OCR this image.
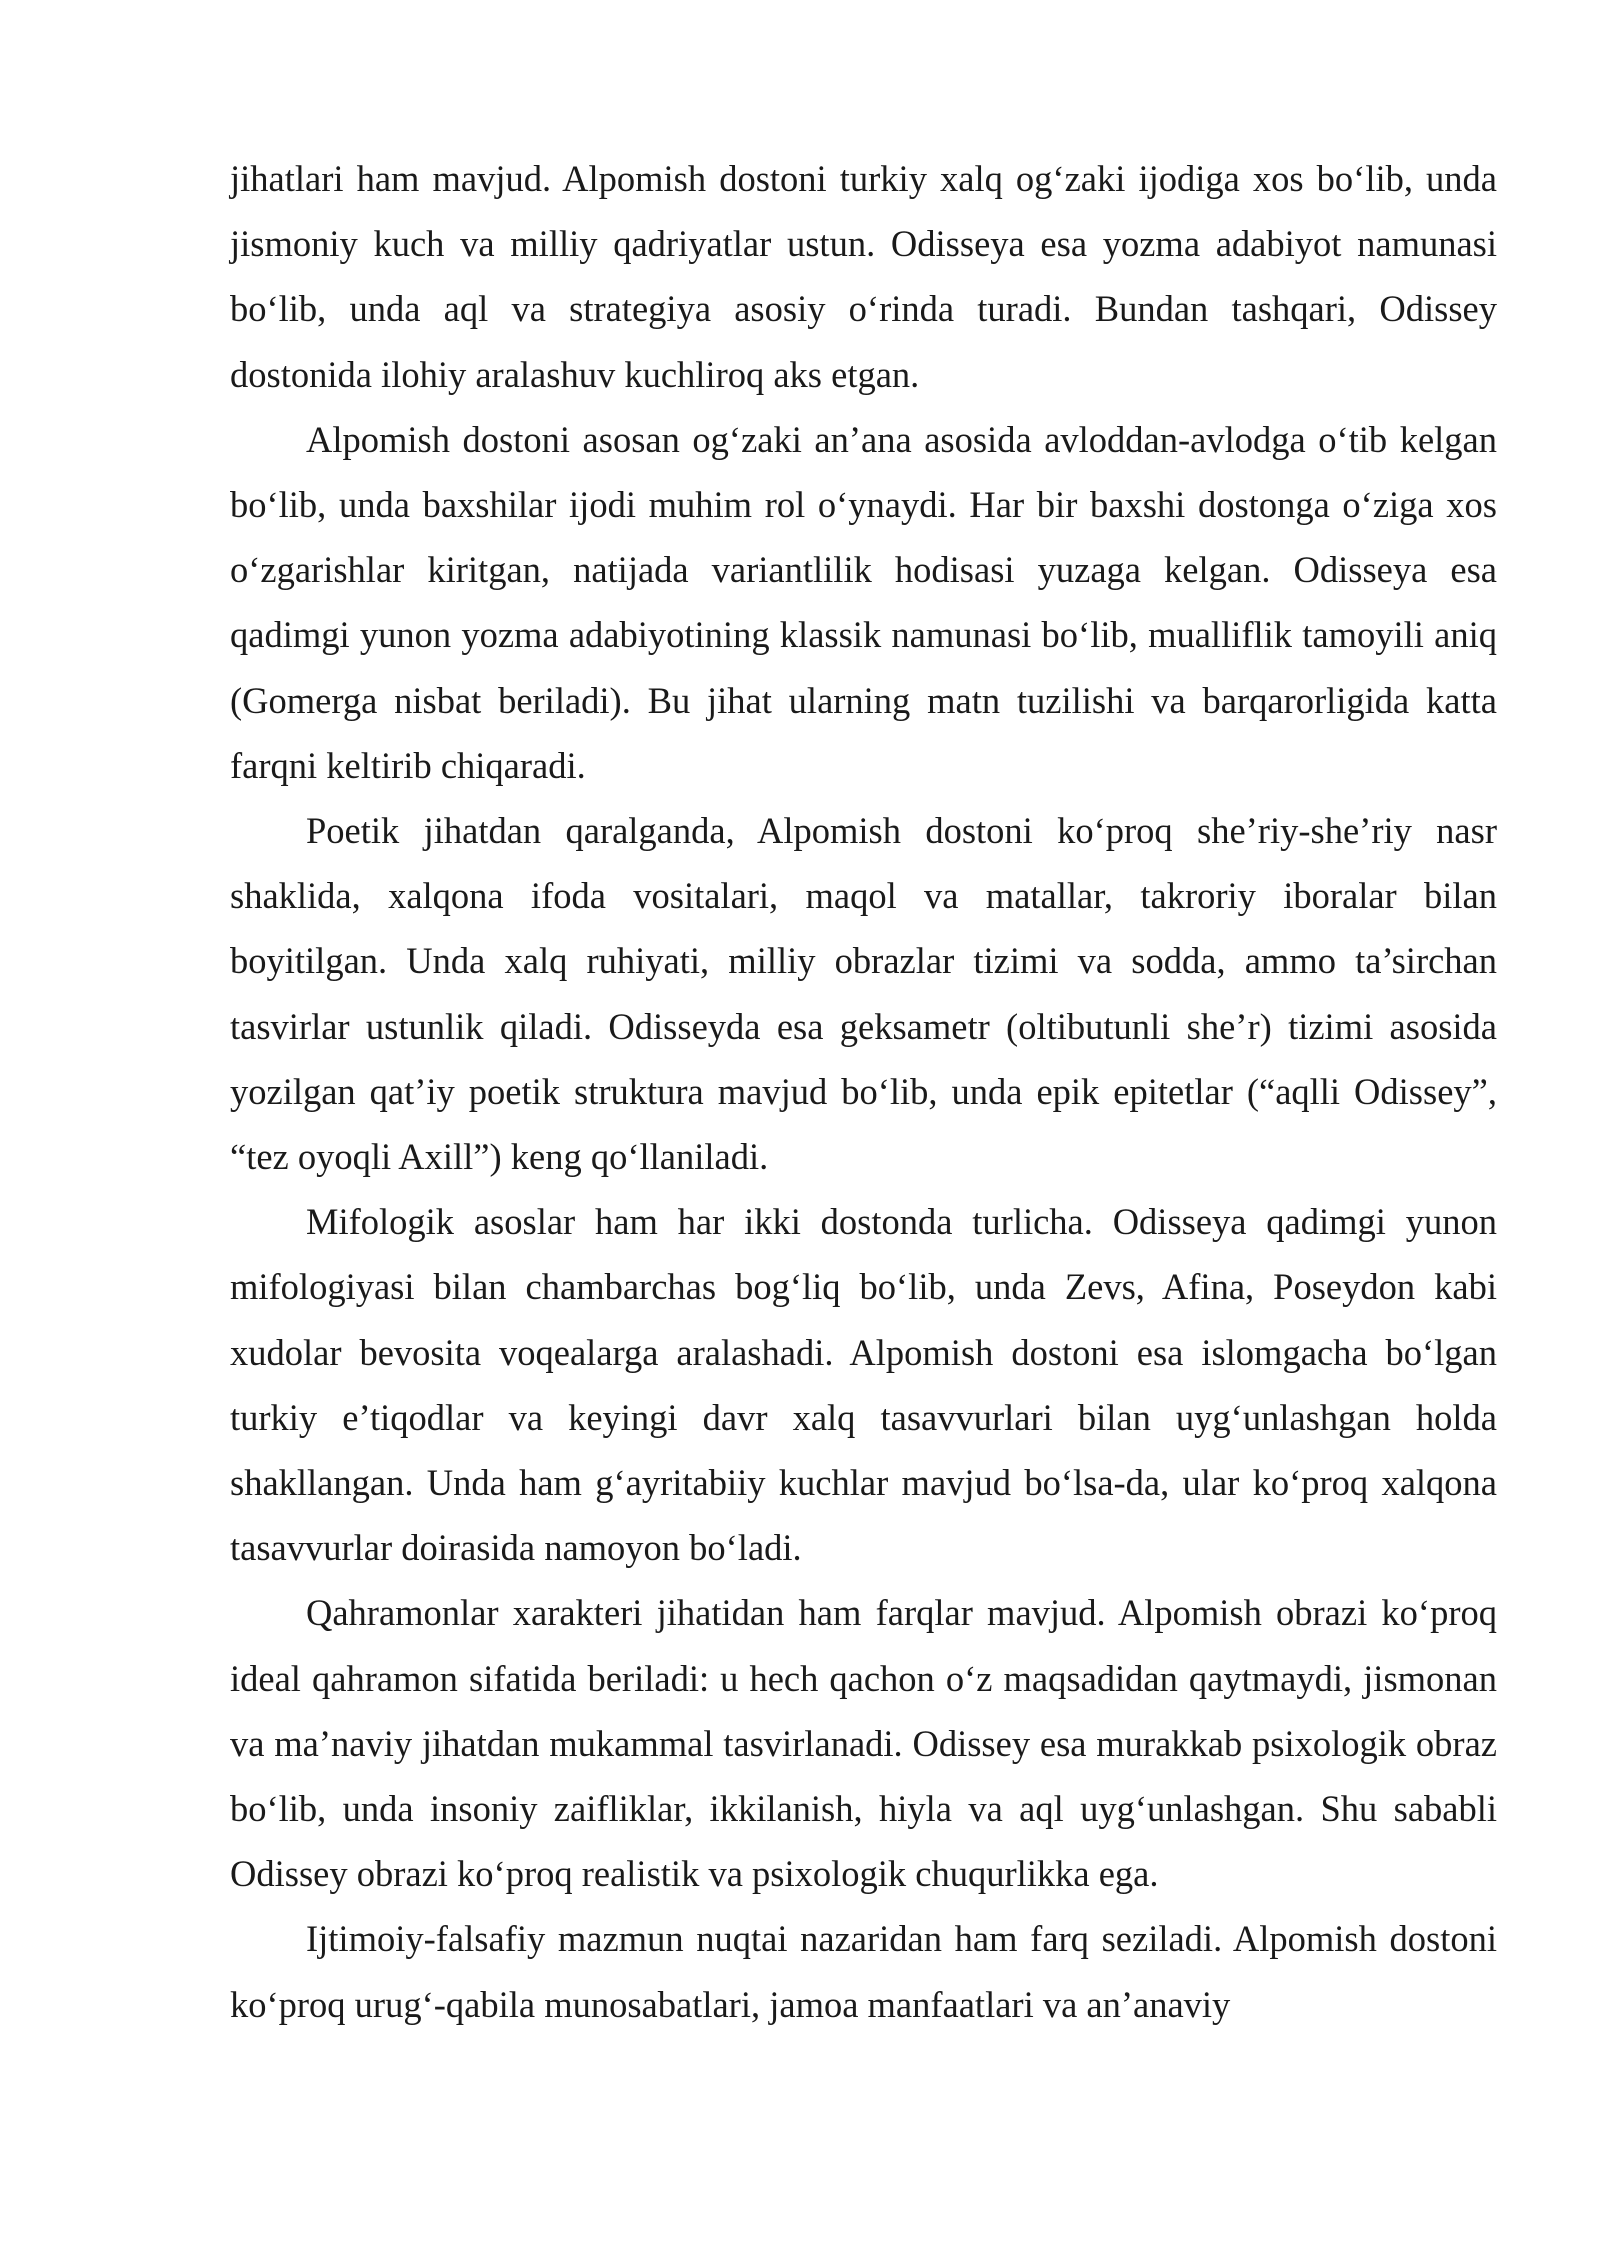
jihatlari ham mavjud. Alpomish dostoni turkiy xalq og‘zaki ijodiga xos bo‘lib, unda jismoniy kuch va milliy qadriyatlar ustun. Odisseya esa yozma adabiyot namunasi bo‘lib, unda aql va strategiya asosiy o‘rinda turadi. Bundan tashqari, Odissey dostonida ilohiy aralashuv kuchliroq aks etgan.

Alpomish dostoni asosan og‘zaki an’ana asosida avloddan-avlodga o‘tib kelgan bo‘lib, unda baxshilar ijodi muhim rol o‘ynaydi. Har bir baxshi dostonga o‘ziga xos o‘zgarishlar kiritgan, natijada variantlilik hodisasi yuzaga kelgan. Odisseya esa qadimgi yunon yozma adabiyotining klassik namunasi bo‘lib, mualliflik tamoyili aniq (Gomerga nisbat beriladi). Bu jihat ularning matn tuzilishi va barqarorligida katta farqni keltirib chiqaradi.

Poetik jihatdan qaralganda, Alpomish dostoni ko‘proq she’riy-she’riy nasr shaklida, xalqona ifoda vositalari, maqol va matallar, takroriy iboralar bilan boyitilgan. Unda xalq ruhiyati, milliy obrazlar tizimi va sodda, ammo ta’sirchan tasvirlar ustunlik qiladi. Odisseyda esa geksametr (oltibutunli she’r) tizimi asosida yozilgan qat’iy poetik struktura mavjud bo‘lib, unda epik epitetlar (“aqlli Odissey”, “tez oyoqli Axill”) keng qo‘llaniladi.

Mifologik asoslar ham har ikki dostonda turlicha. Odisseya qadimgi yunon mifologiyasi bilan chambarchas bog‘liq bo‘lib, unda Zevs, Afina, Poseydon kabi xudolar bevosita voqealarga aralashadi. Alpomish dostoni esa islomgacha bo‘lgan turkiy e’tiqodlar va keyingi davr xalq tasavvurlari bilan uyg‘unlashgan holda shakllangan. Unda ham g‘ayritabiiy kuchlar mavjud bo‘lsa-da, ular ko‘proq xalqona tasavvurlar doirasida namoyon bo‘ladi.

Qahramonlar xarakteri jihatidan ham farqlar mavjud. Alpomish obrazi ko‘proq ideal qahramon sifatida beriladi: u hech qachon o‘z maqsadidan qaytmaydi, jismonan va ma’naviy jihatdan mukammal tasvirlanadi. Odissey esa murakkab psixologik obraz bo‘lib, unda insoniy zaifliklar, ikkilanish, hiyla va aql uyg‘unlashgan. Shu sababli Odissey obrazi ko‘proq realistik va psixologik chuqurlikka ega.

Ijtimoiy-falsafiy mazmun nuqtai nazaridan ham farq seziladi. Alpomish dostoni ko‘proq urug‘-qabila munosabatlari, jamoa manfaatlari va an’anaviy
